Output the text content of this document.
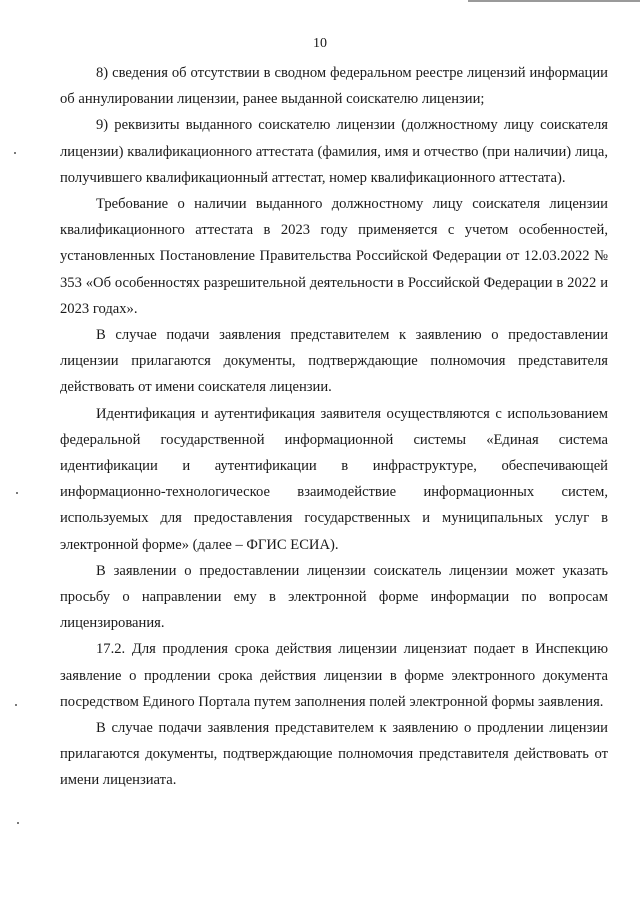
10

8) сведения об отсутствии в сводном федеральном реестре лицензий информации об аннулировании лицензии, ранее выданной соискателю лицензии;

9) реквизиты выданного соискателю лицензии (должностному лицу соискателя лицензии) квалификационного аттестата (фамилия, имя и отчество (при наличии) лица, получившего квалификационный аттестат, номер квалификационного аттестата).

Требование о наличии выданного должностному лицу соискателя лицензии квалификационного аттестата в 2023 году применяется с учетом особенностей, установленных Постановление Правительства Российской Федерации от 12.03.2022 № 353 «Об особенностях разрешительной деятельности в Российской Федерации в 2022 и 2023 годах».

В случае подачи заявления представителем к заявлению о предоставлении лицензии прилагаются документы, подтверждающие полномочия представителя действовать от имени соискателя лицензии.

Идентификация и аутентификация заявителя осуществляются с использованием федеральной государственной информационной системы «Единая система идентификации и аутентификации в инфраструктуре, обеспечивающей информационно-технологическое взаимодействие информационных систем, используемых для предоставления государственных и муниципальных услуг в электронной форме» (далее – ФГИС ЕСИА).

В заявлении о предоставлении лицензии соискатель лицензии может указать просьбу о направлении ему в электронной форме информации по вопросам лицензирования.

17.2. Для продления срока действия лицензии лицензиат подает в Инспекцию заявление о продлении срока действия лицензии в форме электронного документа посредством Единого Портала путем заполнения полей электронной формы заявления.

В случае подачи заявления представителем к заявлению о продлении лицензии прилагаются документы, подтверждающие полномочия представителя действовать от имени лицензиата.
